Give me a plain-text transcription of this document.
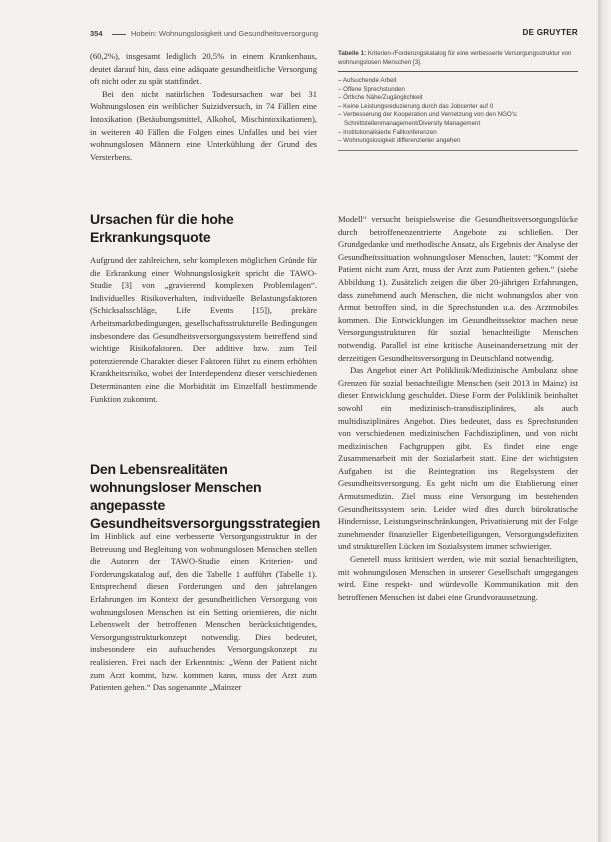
354	Hobein: Wohnungslosigkeit und Gesundheitsversorgung	DE GRUYTER

(60,2%), insgesamt lediglich 20,5% in einem Krankenhaus, deutet darauf hin, dass eine adäquate gesundheitliche Versorgung oft nicht oder zu spät stattfindet.

Bei den nicht natürlichen Todesursachen war bei 31 Wohnungslosen ein weiblicher Suizidversuch, in 74 Fällen eine Intoxikation (Betäubungsmittel, Alkohol, Mischintoxikationen), in weiteren 40 Fällen die Folgen eines Unfalles und bei vier wohnungslosen Männern eine Unterkühlung der Grund des Versterbens.

Ursachen für die hohe Erkrankungsquote

Aufgrund der zahlreichen, sehr komplexen möglichen Gründe für die Erkrankung einer Wohnungslosigkeit spricht die TAWO-Studie [3] von „gravierend komplexen Problemlagen“. Individuelles Risikoverhalten, individuelle Belastungsfaktoren (Schicksalsschläge, Life Events [15]), prekäre Arbeitsmarktbedingungen, gesellschaftsstrukturelle Bedingungen insbesondere das Gesundheitsversorgungssystem betreffend sind wichtige Risikofaktoren. Der additive bzw. zum Teil potenzierende Charakter dieser Faktoren führt zu einem erhöhten Krankheitsrisiko, wobei der Interdependenz dieser verschiedenen Determinanten eine die Morbidität im Einzelfall bestimmende Funktion zukommt.

Den Lebensrealitäten wohnungsloser Menschen angepasste Gesundheitsversorgungsstrategien

Im Hinblick auf eine verbesserte Versorgungsstruktur in der Betreuung und Begleitung von wohnungslosen Menschen stellen die Autoren der TAWO-Studie einen Kriterien- und Forderungskatalog auf, den die Tabelle 1 aufführt (Tabelle 1). Entsprechend diesen Forderungen und den jahrelangen Erfahrungen im Kontext der gesundheitlichen Versorgung von wohnungslosen Menschen ist ein Setting orientieren, die nicht Lebenswelt der betroffenen Menschen berücksichtigendes, Versorgungsstrukturkonzept notwendig. Dies bedeutet, insbesondere ein aufsuchendes Versorgungskonzept zu realisieren. Frei nach der Erkenntnis: „Wenn der Patient nicht zum Arzt kommt, bzw. kommen kann, muss der Arzt zum Patienten gehen.“ Das sogenannte „Mainzer

Tabelle 1: Kriterien-/Forderungskatalog für eine verbesserte Versorgungsstruktur von wohnungslosen Menschen [3].
– Aufsuchende Arbeit
– Offene Sprechstunden
– Örtliche Nähe/Zugänglichkeit
– Keine Leistungsreduzierung durch das Jobcenter auf 0
– Verbesserung der Kooperation und Vernetzung von den NGO's: Schnittstellenmanagement/Diversity Management
– Institutionalisierte Fallkonferenzen
– Wohnungslosigkeit differenzierter angehen

Modell“ versucht beispielsweise die Gesundheitsversorgungslücke durch betroffenenzentrierte Angebote zu schließen. Der Grundgedanke und methodische Ansatz, als Ergebnis der Analyse der Gesundheitssituation wohnungsloser Menschen, lautet: “Kommt der Patient nicht zum Arzt, muss der Arzt zum Patienten gehen.“ (siehe Abbildung 1). Zusätzlich zeigen die über 20-jährigen Erfahrungen, dass zunehmend auch Menschen, die nicht wohnungslos aber von Armut betroffen sind, in die Sprechstunden u.a. des Arztmobiles kommen. Die Entwicklungen im Gesundheitssektor machen neue Versorgungsstrukturen für sozial benachteiligte Menschen notwendig. Parallel ist eine kritische Auseinandersetzung mit der derzeitigen Gesundheitsversorgung in Deutschland notwendig.

Das Angebot einer Art Poliklinik/Medizinische Ambulanz ohne Grenzen für sozial benachteiligte Menschen (seit 2013 in Mainz) ist dieser Entwicklung geschuldet. Diese Form der Poliklinik beinhaltet sowohl ein medizinisch-transdisziplinäres, als auch multidisziplinäres Angebot. Dies bedeutet, dass es Sprechstunden von verschiedenen medizinischen Fachdisziplinen, und von nicht medizinischen Fachgruppen gibt. Es findet eine enge Zusammenarbeit mit der Sozialarbeit statt. Eine der wichtigsten Aufgaben ist die Reintegration ins Regelsystem der Gesundheitsversorgung. Es geht nicht um die Etablierung einer Armutsmedizin. Ziel muss eine Versorgung im bestehenden Gesundheitssystem sein. Leider wird dies durch bürokratische Hindernisse, Leistungseinschränkungen, Privatisierung mit der Folge zunehmender finanzieller Eigenbeteiligungen, Versorgungsdefiziten und strukturellen Lücken im Sozialsystem immer schwieriger.

Generell muss kritisiert werden, wie mit sozial benachteiligten, mit wohnungslosen Menschen in unserer Gesellschaft umgegangen wird. Eine respekt- und würdevolle Kommunikation mit den betroffenen Menschen ist dabei eine Grundvoraussetzung.
